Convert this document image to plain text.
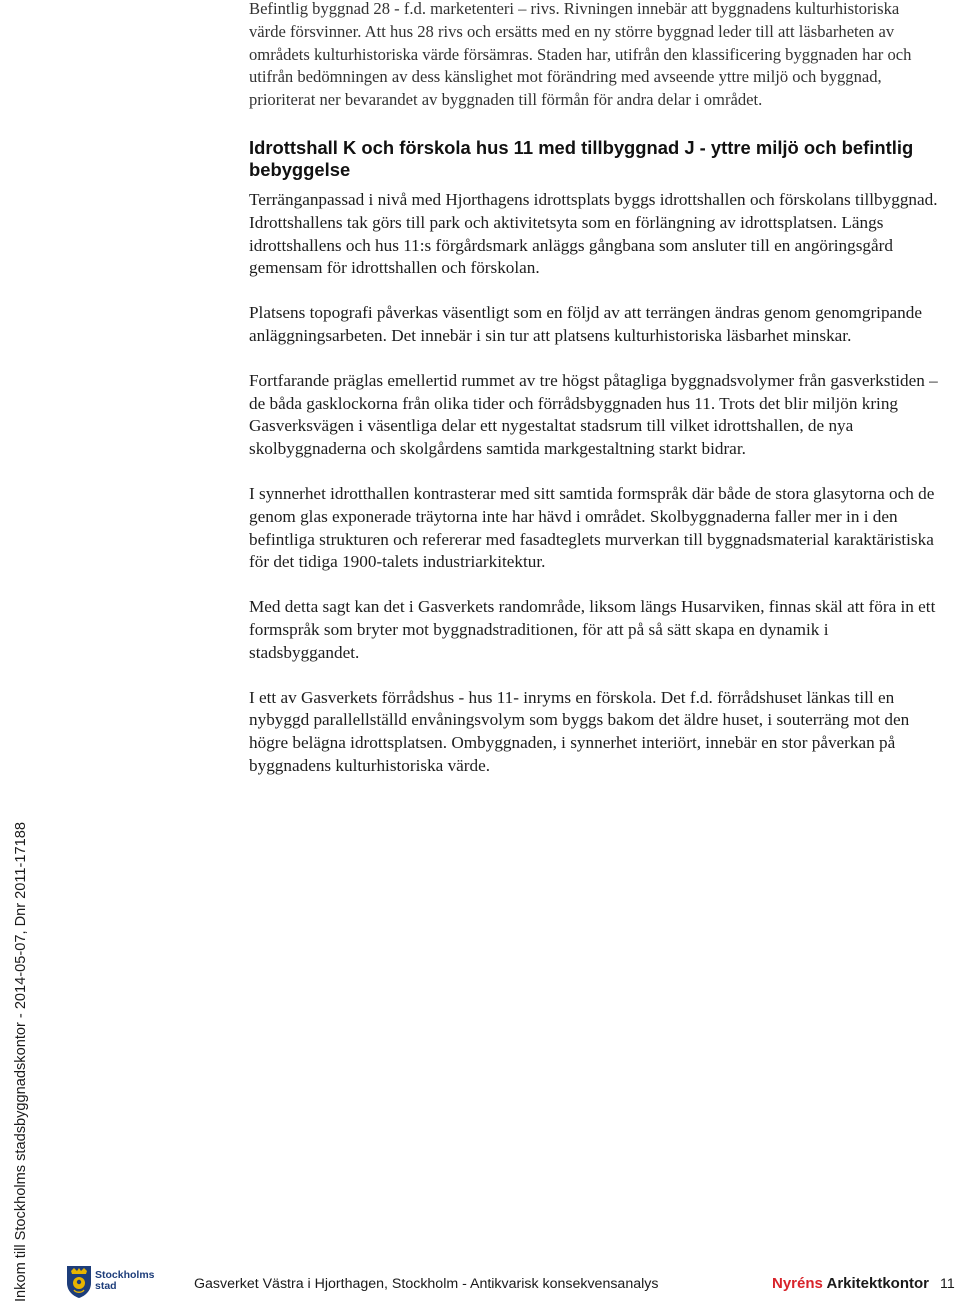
Inkom till Stockholms stadsbyggnadskontor - 2014-05-07, Dnr 2011-17188

Befintlig byggnad 28 - f.d. marketenteri – rivs. Rivningen innebär att byggnadens kulturhistoriska värde försvinner. Att hus 28 rivs och ersätts med en ny större byggnad leder till att läsbarheten av områdets kulturhistoriska värde försämras. Staden har, utifrån den klassificering byggnaden har och utifrån bedömningen av dess känslighet mot förändring med avseende yttre miljö och byggnad, prioriterat ner bevarandet av byggnaden till förmån för andra delar i området.

Idrottshall K och förskola hus 11 med tillbyggnad J - yttre miljö och befintlig bebyggelse

Terränganpassad i nivå med Hjorthagens idrottsplats byggs idrottshallen och förskolans tillbyggnad. Idrottshallens tak görs till park och aktivitetsyta som en förlängning av idrottsplatsen. Längs idrottshallens och hus 11:s förgårdsmark anläggs gångbana som ansluter till en angöringsgård gemensam för idrottshallen och förskolan.

Platsens topografi påverkas väsentligt som en följd av att terrängen ändras genom genomgripande anläggningsarbeten. Det innebär i sin tur att platsens kulturhistoriska läsbarhet minskar.

Fortfarande präglas emellertid rummet av tre högst påtagliga byggnadsvolymer från gasverkstiden – de båda gasklockorna från olika tider och förrådsbyggnaden hus 11. Trots det blir miljön kring Gasverksvägen i väsentliga delar ett nygestaltat stadsrum till vilket idrottshallen, de nya skolbyggnaderna och skolgårdens samtida markgestaltning starkt bidrar.

I synnerhet idrotthallen kontrasterar med sitt samtida formspråk där både de stora glasytorna och de genom glas exponerade träytorna inte har hävd i området. Skolbyggnaderna faller mer in i den befintliga strukturen och refererar med fasadteglets murverkan till byggnadsmaterial karaktäristiska för det tidiga 1900-talets industriarkitektur.

Med detta sagt kan det i Gasverkets randområde, liksom längs Husarviken, finnas skäl att föra in ett formspråk som bryter mot byggnadstraditionen, för att på så sätt skapa en dynamik i stadsbyggandet.

I ett av Gasverkets förrådshus - hus 11- inryms en förskola. Det f.d. förrådshuset länkas till en nybyggd parallellställd envåningsvolym som byggs bakom det äldre huset, i souterräng mot den högre belägna idrottsplatsen. Ombyggnaden, i synnerhet interiört, innebär en stor påverkan på byggnadens kulturhistoriska värde.

Stockholms
stad	Gasverket Västra i Hjorthagen, Stockholm - Antikvarisk konsekvensanalys	Nyréns Arkitektkontor 11
